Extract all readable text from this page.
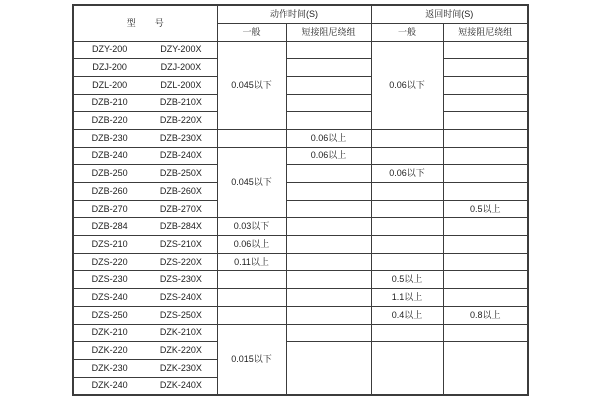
型  号	动作时间(S)		返回时间(S)	
	一般	短接阻尼绕组	一般	短接阻尼绕组

DZY-200 DZY-200X	0.045以下		0.06以下	

DZJ-200 DZJ-200X				

DZL-200 DZL-200X				

DZB-210 DZB-210X				

DZB-220 DZB-220X				

DZB-230 DZB-230X		0.06以上		

DZB-240 DZB-240X	0.045以下	0.06以上		

DZB-250 DZB-250X			0.06以下	

DZB-260 DZB-260X				

DZB-270 DZB-270X				0.5以上

DZB-284 DZB-284X	0.03以下			

DZS-210 DZS-210X	0.06以上			

DZS-220 DZS-220X	0.11以上			

DZS-230 DZS-230X			0.5以上	

DZS-240 DZS-240X			1.1以上	

DZS-250 DZS-250X			0.4以上	0.8以上

DZK-210 DZK-210X	0.015以下			

DZK-220 DZK-220X				

DZK-230 DZK-230X				

DZK-240 DZK-240X				
